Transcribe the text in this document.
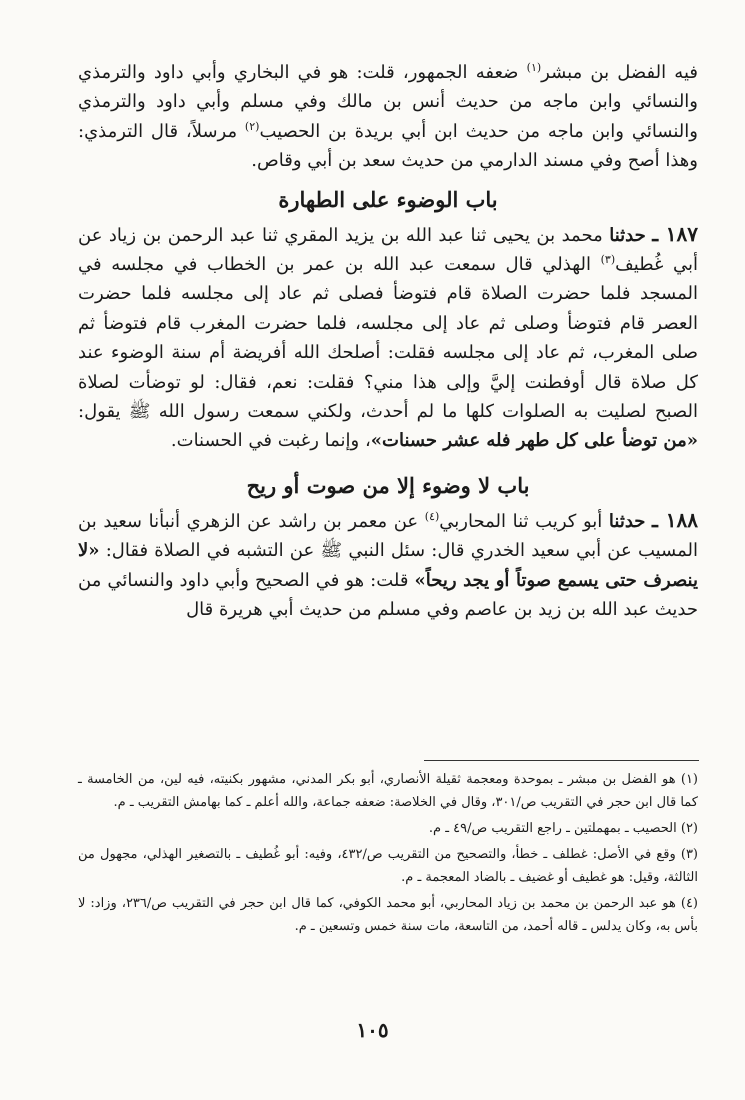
فيه الفضل بن مبشر$^{(١)}$ ضعفه الجمهور، قلت: هو في البخاري وأبي داود والترمذي والنسائي وابن ماجه من حديث أنس بن مالك وفي مسلم وأبي داود والترمذي والنسائي وابن ماجه من حديث ابن أبي بريدة بن الحصيب$^{(٢)}$ مرسلاً، قال الترمذي: وهذا أصح وفي مسند الدارمي من حديث سعد بن أبي وقاص.

باب الوضوء على الطهارة

١٨٧ ـ حدثنا محمد بن يحيى ثنا عبد الله بن يزيد المقري ثنا عبد الرحمن بن زياد عن أبي غُطيف$^{(٣)}$ الهذلي قال سمعت عبد الله بن عمر بن الخطاب في مجلسه في المسجد فلما حضرت الصلاة قام فتوضأ فصلى ثم عاد إلى مجلسه فلما حضرت العصر قام فتوضأ وصلى ثم عاد إلى مجلسه، فلما حضرت المغرب قام فتوضأ ثم صلى المغرب، ثم عاد إلى مجلسه فقلت: أصلحك الله أفريضة أم سنة الوضوء عند كل صلاة قال أوفطنت إليَّ وإلى هذا مني؟ فقلت: نعم، فقال: لو توضأت لصلاة الصبح لصليت به الصلوات كلها ما لم أحدث، ولكني سمعت رسول الله ﷺ يقول: «من توضأ على كل طهر فله عشر حسنات»، وإنما رغبت في الحسنات.

باب لا وضوء إلا من صوت أو ريح

١٨٨ ـ حدثنا أبو كريب ثنا المحاربي$^{(٤)}$ عن معمر بن راشد عن الزهري أنبأنا سعيد بن المسيب عن أبي سعيد الخدري قال: سئل النبي ﷺ عن التشبه في الصلاة فقال: «لا ينصرف حتى يسمع صوتاً أو يجد ريحاً» قلت: هو في الصحيح وأبي داود والنسائي من حديث عبد الله بن زيد بن عاصم وفي مسلم من حديث أبي هريرة قال

(١) هو الفضل بن مبشر ـ بموحدة ومعجمة ثقيلة الأنصاري، أبو بكر المدني، مشهور بكنيته، فيه لين، من الخامسة ـ كما قال ابن حجر في التقريب ص/٣٠١، وقال في الخلاصة: ضعفه جماعة، والله أعلم ـ كما بهامش التقريب ـ م.

(٢) الحصيب ـ بمهملتين ـ راجع التقريب ص/٤٩ ـ م.

(٣) وقع في الأصل: غطلف ـ خطأ، والتصحيح من التقريب ص/٤٣٢، وفيه: أبو غُطيف ـ بالتصغير الهذلي، مجهول من الثالثة، وقيل: هو غطيف أو غضيف ـ بالضاد المعجمة ـ م.

(٤) هو عبد الرحمن بن محمد بن زياد المحاربي، أبو محمد الكوفي، كما قال ابن حجر في التقريب ص/٢٣٦، وزاد: لا بأس به، وكان يدلس ـ قاله أحمد، من التاسعة، مات سنة خمس وتسعين ـ م.

١٠٥
